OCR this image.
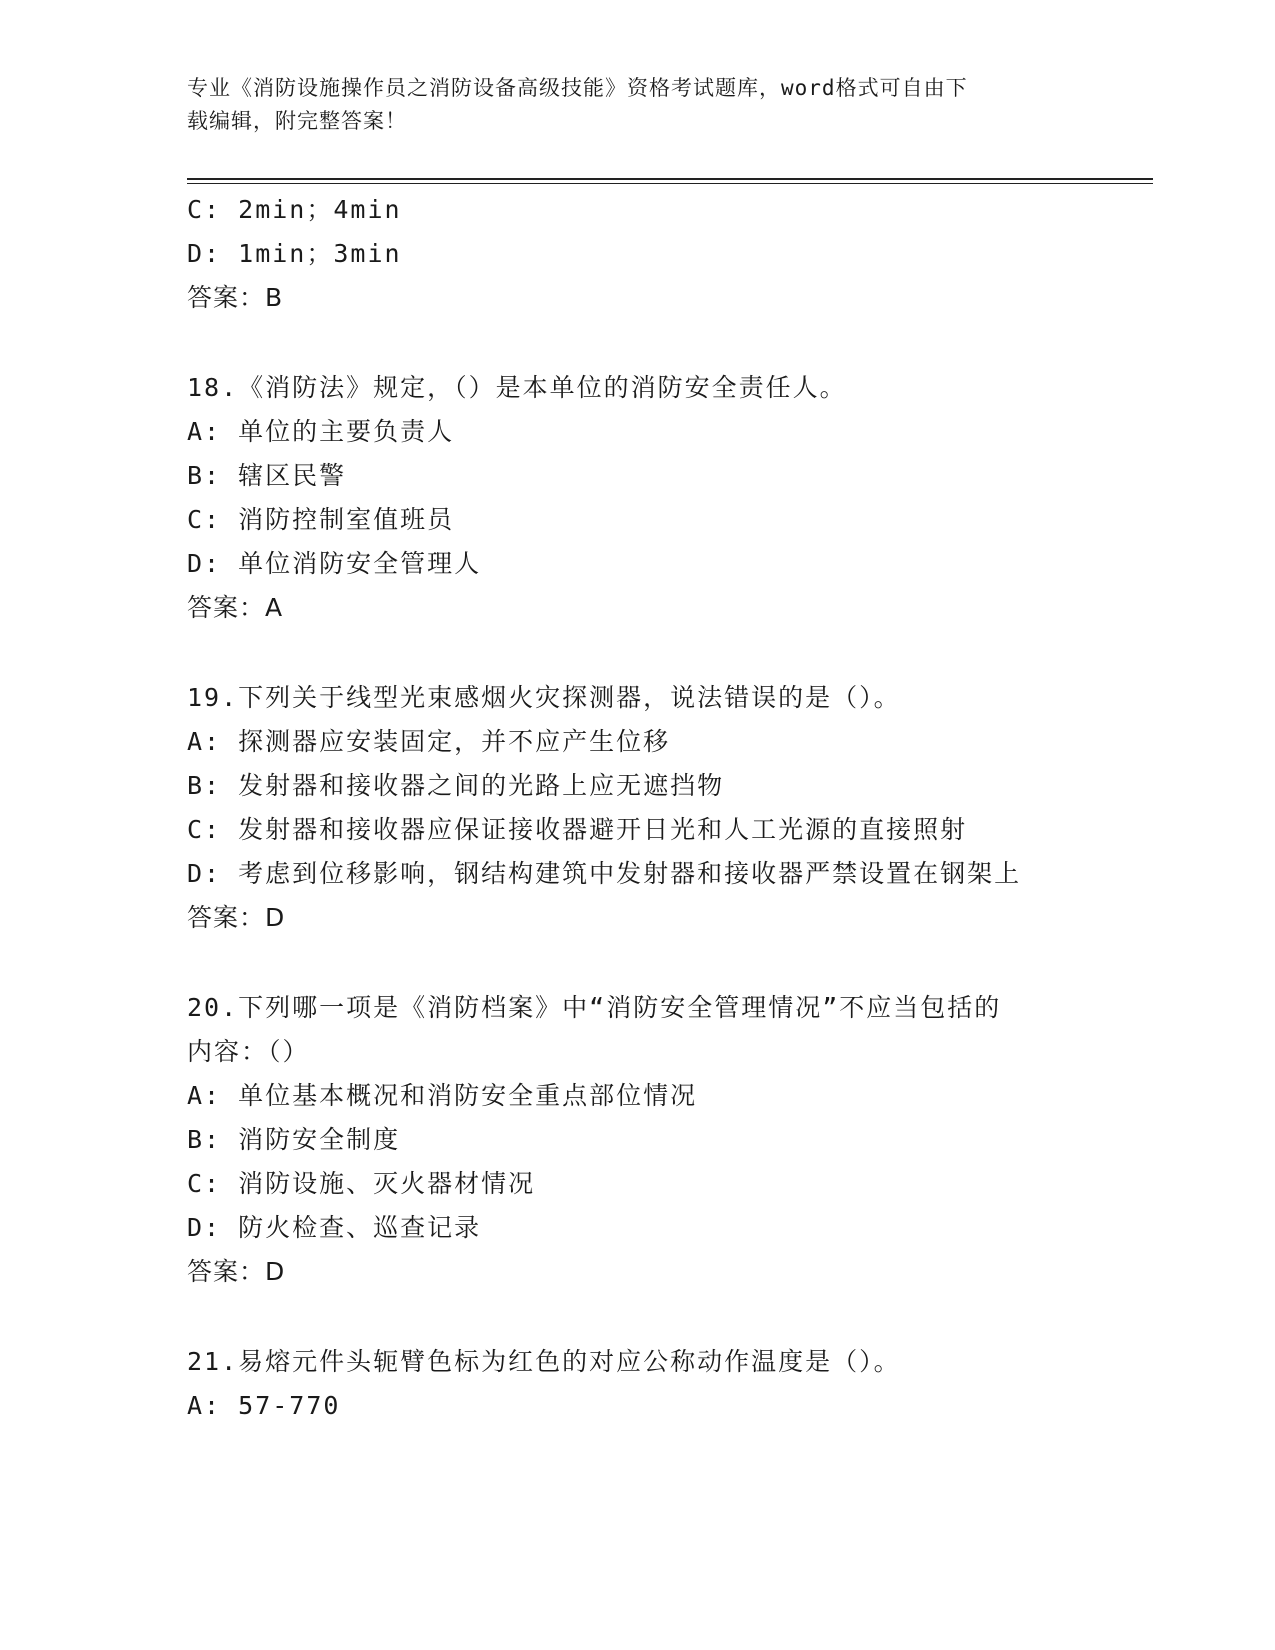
专业《消防设施操作员之消防设备高级技能》资格考试题库，word格式可自由下
载编辑，附完整答案！
C: 2min；4min
D: 1min；3min
答案：B
18.《消防法》规定，（）是本单位的消防安全责任人。
A: 单位的主要负责人
B: 辖区民警
C: 消防控制室值班员
D: 单位消防安全管理人
答案：A
19.下列关于线型光束感烟火灾探测器，说法错误的是（）。
A: 探测器应安装固定，并不应产生位移
B: 发射器和接收器之间的光路上应无遮挡物
C: 发射器和接收器应保证接收器避开日光和人工光源的直接照射
D: 考虑到位移影响，钢结构建筑中发射器和接收器严禁设置在钢架上
答案：D
20.下列哪一项是《消防档案》中“消防安全管理情况”不应当包括的
内容：（）
A: 单位基本概况和消防安全重点部位情况
B: 消防安全制度
C: 消防设施、灭火器材情况
D: 防火检查、巡查记录
答案：D
21.易熔元件头轭臂色标为红色的对应公称动作温度是（）。
A: 57-770
